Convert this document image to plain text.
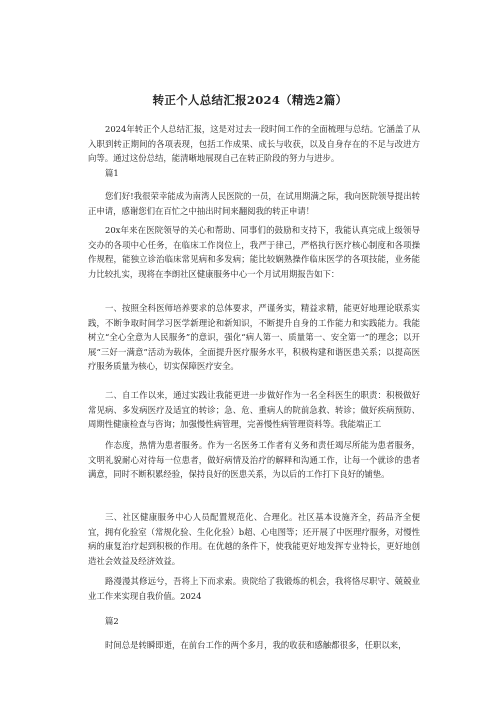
转正个人总结汇报2024（精选2篇）

2024年转正个人总结汇报，这是对过去一段时间工作的全面梳理与总结。它涵盖了从入职到转正期间的各项表现，包括工作成果、成长与收获，以及自身存在的不足与改进方向等。通过这份总结，能清晰地展现自己在转正阶段的努力与进步。

篇1

您们好!我很荣幸能成为南湾人民医院的一员，在试用期满之际，我向医院领导提出转正申请，感谢您们在百忙之中抽出时间来翻阅我的转正申请！

20x年来在医院领导的关心和帮助、同事们的鼓励和支持下，我能认真完成上级领导交办的各项中心任务，在临床工作岗位上，我严于律己，严格执行医疗核心制度和各项操作规程，能独立诊治临床常见病和多发病；能比较娴熟操作临床医学的各项技能，业务能力比较扎实，现将在李朗社区健康服务中心一个月试用期报告如下：

一、按照全科医师培养要求的总体要求，严谨务实，精益求精，能更好地理论联系实践，不断争取时间学习医学新理论和新知识，不断提升自身的工作能力和实践能力。我能树立“全心全意为人民服务”的意识，强化“病人第一、质量第一、安全第一”的理念；以开展“三好一满意”活动为载体，全面提升医疗服务水平，积极构建和谐医患关系；以提高医疗服务质量为核心，切实保障医疗安全。

二、自工作以来，通过实践让我能更进一步做好作为一名全科医生的职责：积极做好常见病、多发病医疗及适宜的转诊；急、危、重病人的院前急救、转诊；做好疾病预防、周期性健康检查与咨询；加强慢性病管理，完善慢性病管理资料等。我能端正工

作态度，热情为患者服务。作为一名医务工作者有义务和责任竭尽所能为患者服务，文明礼貌耐心对待每一位患者，做好病情及治疗的解释和沟通工作，让每一个就诊的患者满意，同时不断积累经验，保持良好的医患关系，为以后的工作打下良好的铺垫。

三、社区健康服务中心人员配置规范化、合理化。社区基本设施齐全，药品齐全便宜，拥有化验室（常规化验、生化化验）b超、心电图等；还开展了中医理疗服务，对慢性病的康复治疗起到积极的作用。在优越的条件下，使我能更好地发挥专业特长，更好地创造社会效益及经济效益。

路漫漫其修远兮，吾将上下而求索。贵院给了我锻炼的机会，我将恪尽职守、兢兢业业工作来实现自我价值。2024

篇2

时间总是转瞬即逝，在前台工作的两个多月，我的收获和感触都很多，任职以来，
